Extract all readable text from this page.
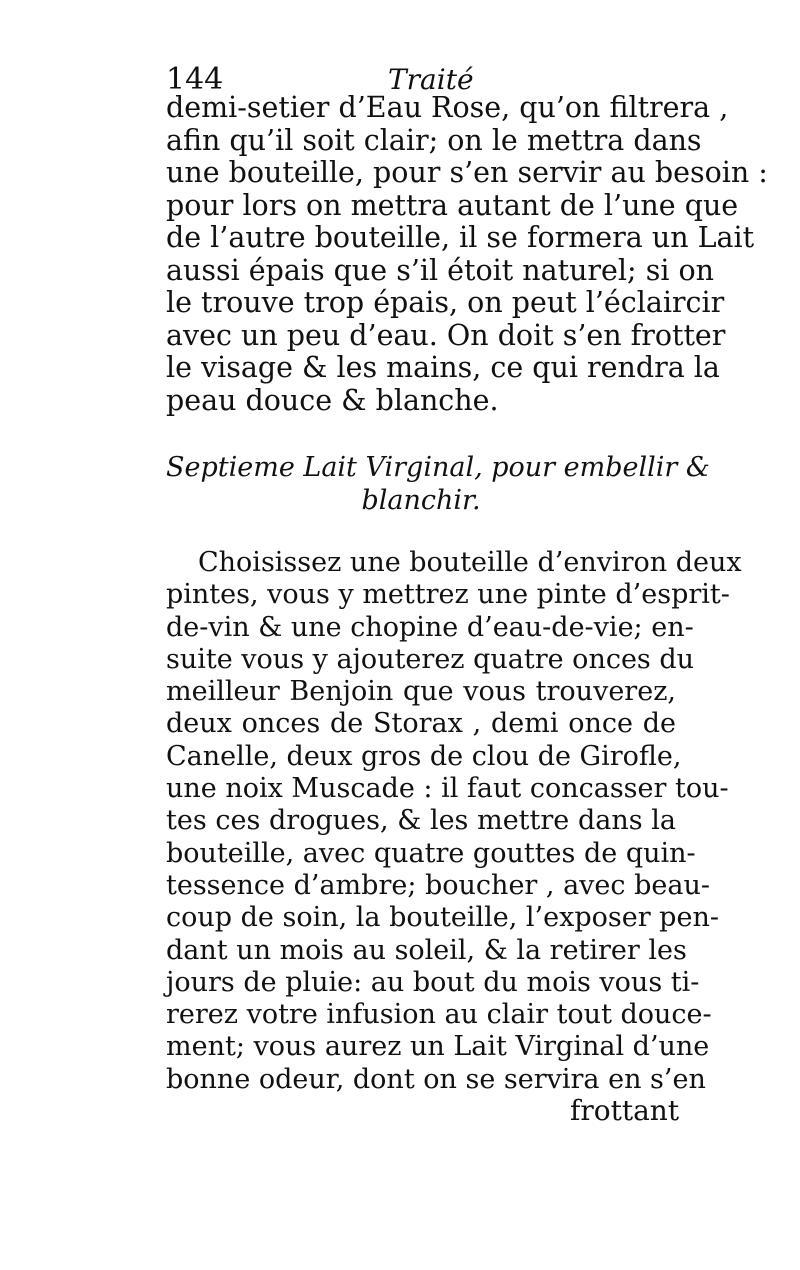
144	Traité
demi-setier d’Eau Rose, qu’on filtrera ,
afin qu’il soit clair; on le mettra dans
une bouteille, pour s’en servir au besoin :
pour lors on mettra autant de l’une que
de l’autre bouteille, il se formera un Lait
aussi épais que s’il étoit naturel; si on
le trouve trop épais, on peut l’éclaircir
avec un peu d’eau. On doit s’en frotter
le visage & les mains, ce qui rendra la
peau douce & blanche.
Septieme Lait Virginal, pour embellir &
blanchir.
Choisissez une bouteille d’environ deux
pintes, vous y mettrez une pinte d’esprit-
de-vin & une chopine d’eau-de-vie; en-
suite vous y ajouterez quatre onces du
meilleur Benjoin que vous trouverez,
deux onces de Storax , demi once de
Canelle, deux gros de clou de Girofle,
une noix Muscade : il faut concasser tou-
tes ces drogues, & les mettre dans la
bouteille, avec quatre gouttes de quin-
tessence d’ambre; boucher , avec beau-
coup de soin, la bouteille, l’exposer pen-
dant un mois au soleil, & la retirer les
jours de pluie: au bout du mois vous ti-
rerez votre infusion au clair tout douce-
ment; vous aurez un Lait Virginal d’une
bonne odeur, dont on se servira en s’en
frottant
